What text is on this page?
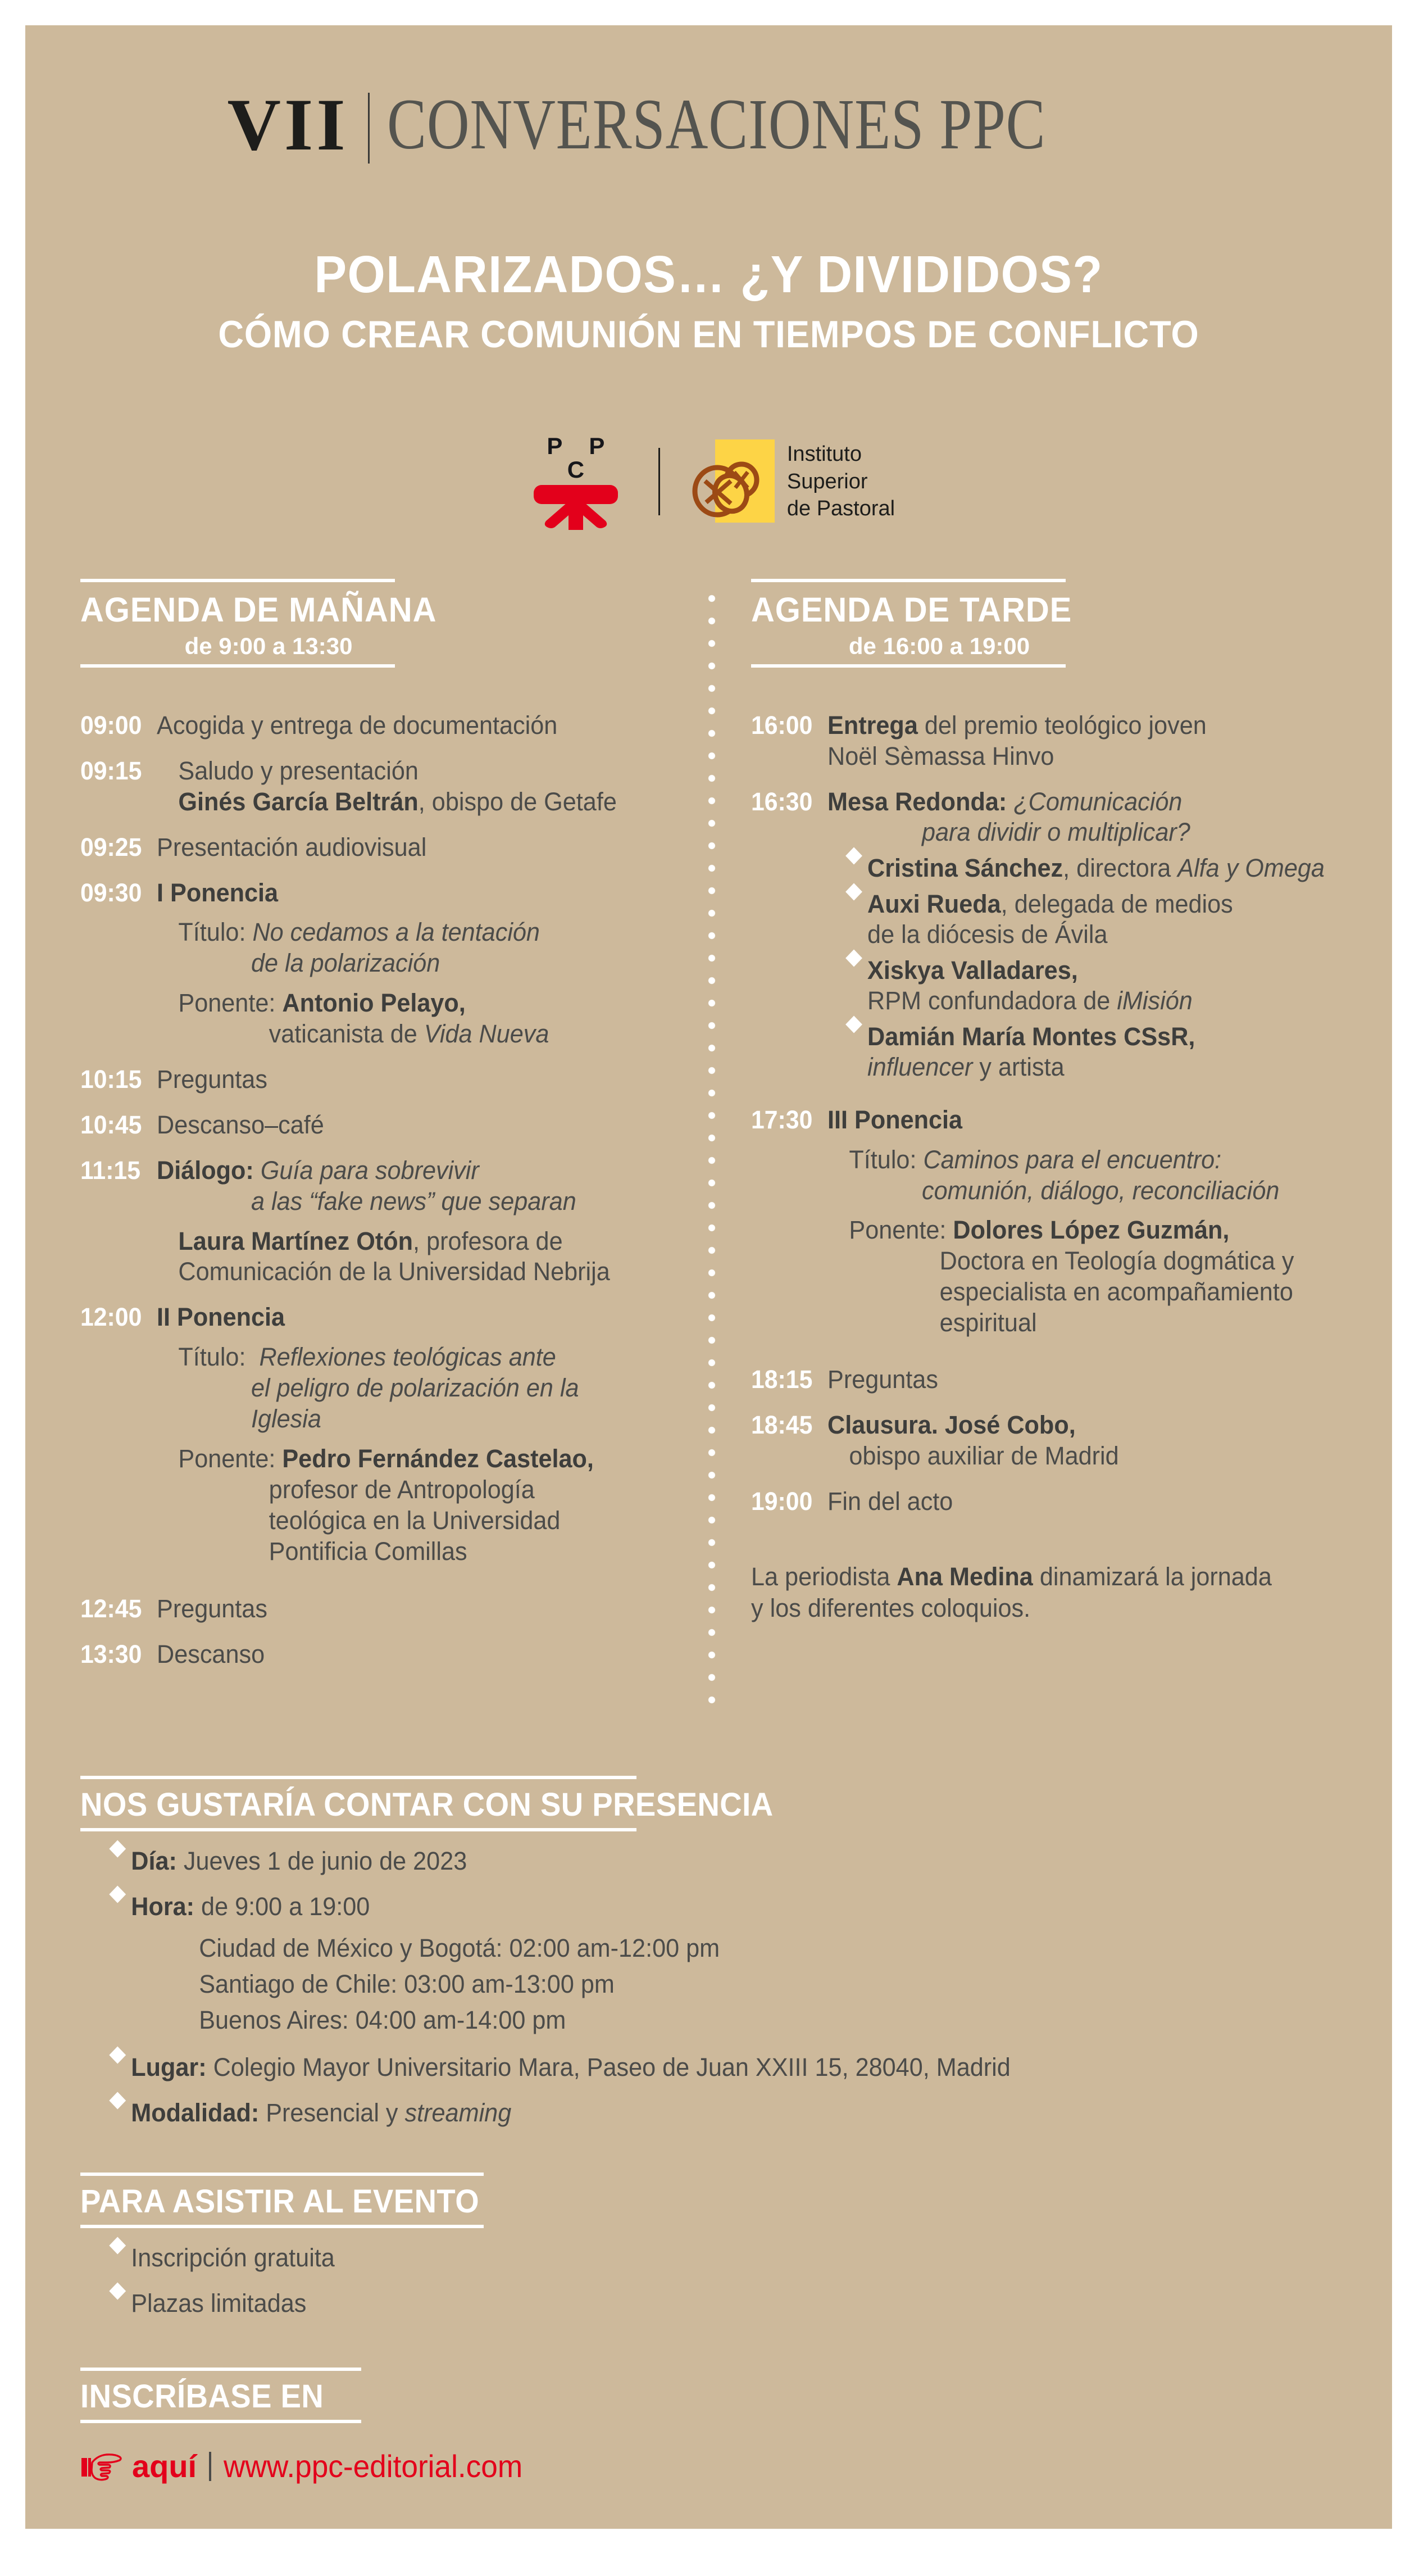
VII CONVERSACIONES PPC
POLARIZADOS… ¿Y DIVIDIDOS?
CÓMO CREAR COMUNIÓN EN TIEMPOS DE CONFLICTO
P P C
Instituto
Superior
de Pastoral
AGENDA DE MAÑANA
de 9:00 a 13:30
09:00 Acogida y entrega de documentación
09:15	Saludo y presentación
Ginés García Beltrán, obispo de Getafe
09:25 Presentación audiovisual
09:30 I Ponencia
Título: No cedamos a la tentación
de la polarización
Ponente: Antonio Pelayo,
vaticanista de Vida Nueva
10:15 Preguntas
10:45 Descanso–café
11:15 Diálogo: Guía para sobrevivir
a las “fake news” que separan
Laura Martínez Otón, profesora de
Comunicación de la Universidad Nebrija
12:00 II Ponencia
Título: Reflexiones teológicas ante
el peligro de polarización en la
Iglesia
Ponente: Pedro Fernández Castelao,
profesor de Antropología
teológica en la Universidad
Pontificia Comillas
12:45 Preguntas
13:30 Descanso
AGENDA DE TARDE
de 16:00 a 19:00
16:00 Entrega del premio teológico joven
Noël Sèmassa Hinvo
16:30 Mesa Redonda: ¿Comunicación
para dividir o multiplicar?
Cristina Sánchez, directora Alfa y Omega
Auxi Rueda, delegada de medios
de la diócesis de Ávila
Xiskya Valladares,
RPM confundadora de iMisión
Damián María Montes CSsR,
influencer y artista
17:30 III Ponencia
Título: Caminos para el encuentro:
comunión, diálogo, reconciliación
Ponente: Dolores López Guzmán,
Doctora en Teología dogmática y
especialista en acompañamiento
espiritual
18:15 Preguntas
18:45 Clausura. José Cobo,
obispo auxiliar de Madrid
19:00 Fin del acto
La periodista Ana Medina dinamizará la jornada
y los diferentes coloquios.
NOS GUSTARÍA CONTAR CON SU PRESENCIA
Día: Jueves 1 de junio de 2023
Hora: de 9:00 a 19:00
Ciudad de México y Bogotá: 02:00 am-12:00 pm
Santiago de Chile: 03:00 am-13:00 pm
Buenos Aires: 04:00 am-14:00 pm
Lugar: Colegio Mayor Universitario Mara, Paseo de Juan XXIII 15, 28040, Madrid
Modalidad: Presencial y streaming
PARA ASISTIR AL EVENTO
Inscripción gratuita
Plazas limitadas
INSCRÍBASE EN
aquí www.ppc-editorial.com
